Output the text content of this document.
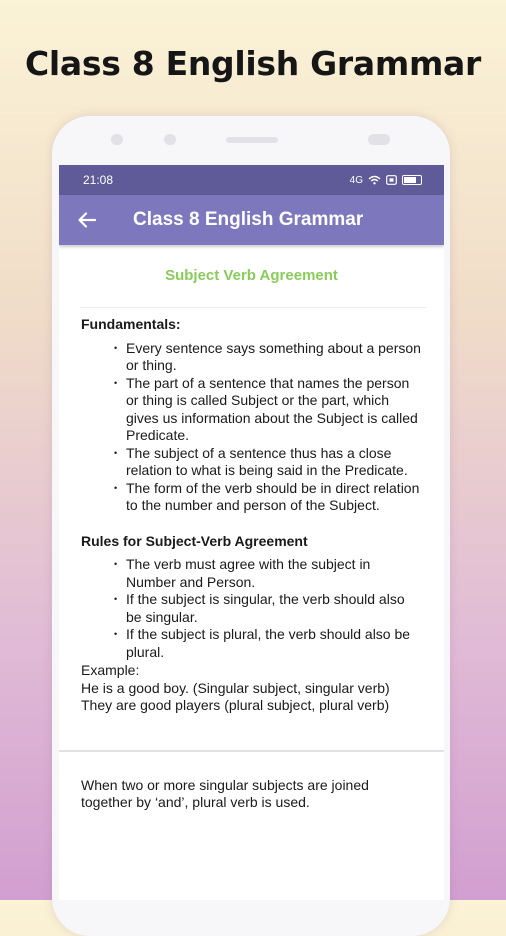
Class 8 English Grammar
21:08	4G
Class 8 English Grammar
Subject Verb Agreement
Fundamentals:
• Every sentence says something about a person or thing.
• The part of a sentence that names the person or thing is called Subject or the part, which gives us information about the Subject is called Predicate.
• The subject of a sentence thus has a close relation to what is being said in the Predicate.
• The form of the verb should be in direct relation to the number and person of the Subject.
Rules for Subject-Verb Agreement
• The verb must agree with the subject in Number and Person.
• If the subject is singular, the verb should also be singular.
• If the subject is plural, the verb should also be plural.
Example:
He is a good boy. (Singular subject, singular verb)
They are good players (plural subject, plural verb)
When two or more singular subjects are joined together by ‘and’, plural verb is used.
